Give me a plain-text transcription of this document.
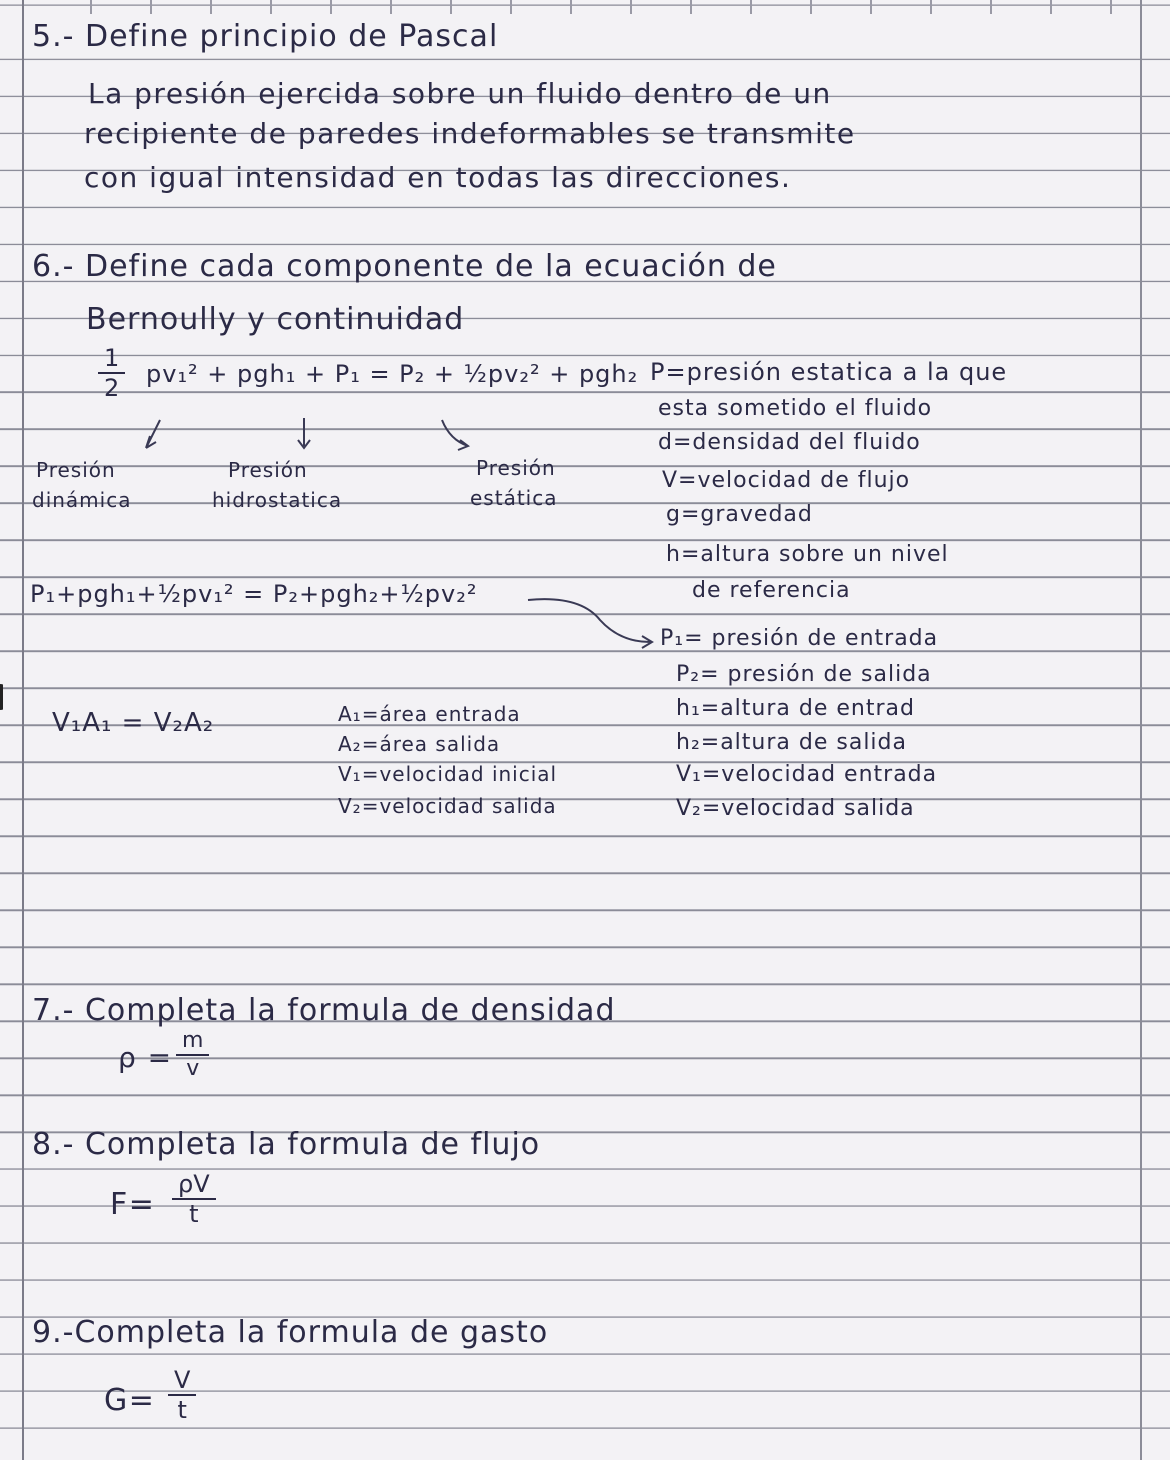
5.- Define principio de Pascal
La presión ejercida sobre un fluido dentro de un
recipiente de paredes indeformables se transmite
con igual intensidad en todas las direcciones.
6.- Define cada componente de la ecuación de
Bernoully y continuidad
$\frac{1}{2} pv_1^2 + pgh_1 + P_1 = P_2$ + ½pv₂² + pgh₂
Presión
dinámica
Presión
hidrostatica
Presión
estática
P=presión estatica a la que
esta sometido el fluido
d=densidad del fluido
V=velocidad de flujo
g=gravedad
h=altura sobre un nivel
de referencia
P₁+pgh₁+½pv₁² = P₂+pgh₂+½pv₂²
P₁= presión de entrada
P₂= presión de salida
h₁=altura de entrad
h₂=altura de salida
V₁=velocidad entrada
V₂=velocidad salida
V₁A₁ = V₂A₂	A₁=área entrada
A₂=área salida
V₁=velocidad inicial
V₂=velocidad salida
7.- Completa la formula de densidad
$\rho = \frac{m}{v}$
8.- Completa la formula de flujo
$F= \frac{\rho V}{t}$
9.-Completa la formula de gasto
$G= \frac{V}{t}$
